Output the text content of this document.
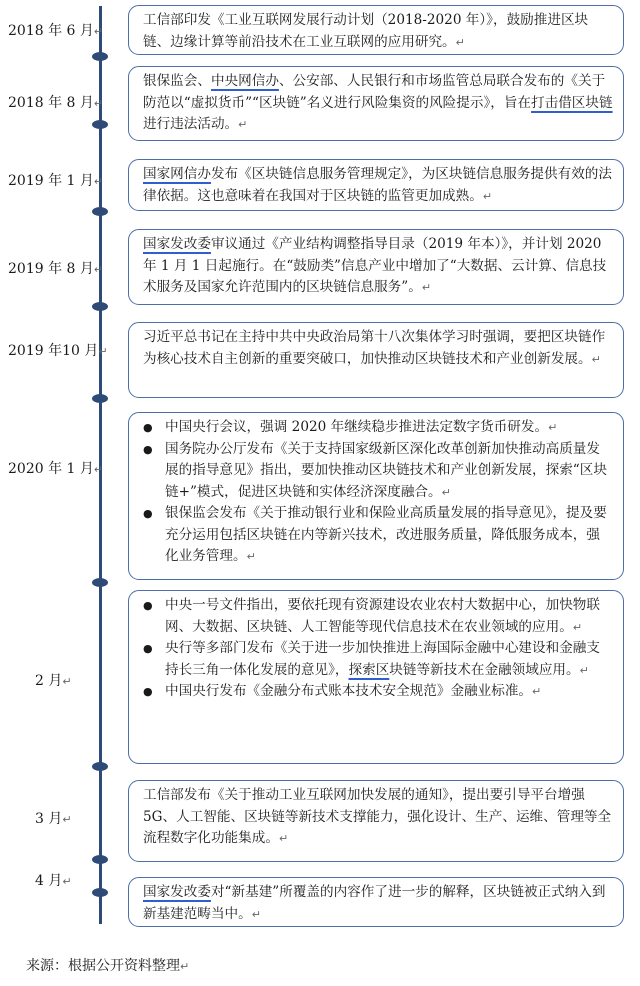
2018 年 6 月↵

工信部印发《工业互联网发展行动计划（2018-2020 年）》，鼓励推进区块链、边缘计算等前沿技术在工业互联网的应用研究。↵

2018 年 8 月↵

银保监会、中央网信办、公安部、人民银行和市场监管总局联合发布的《关于防范以“虚拟货币”“区块链”名义进行风险集资的风险提示》，旨在打击借区块链进行违法活动。↵

2019 年 1 月↵	国家网信办发布《区块链信息服务管理规定》，为区块链信息服务提供有效的法律依据。这也意味着在我国对于区块链的监管更加成熟。↵

2019 年 8 月↵

国家发改委审议通过《产业结构调整指导目录（2019 年本）》，并计划 2020 年 1 月 1 日起施行。在“鼓励类”信息产业中增加了“大数据、云计算、信息技术服务及国家允许范围内的区块链信息服务”。↵

2019 年10 月↵

习近平总书记在主持中共中央政治局第十八次集体学习时强调，要把区块链作为核心技术自主创新的重要突破口，加快推动区块链技术和产业创新发展。↵

2020 年 1 月↵

● 中国央行会议，强调 2020 年继续稳步推进法定数字货币研发。↵

● 国务院办公厅发布《关于支持国家级新区深化改革创新加快推动高质量发展的指导意见》指出，要加快推动区块链技术和产业创新发展，探索“区块链+”模式，促进区块链和实体经济深度融合。↵

● 银保监会发布《关于推动银行业和保险业高质量发展的指导意见》，提及要充分运用包括区块链在内等新兴技术，改进服务质量，降低服务成本，强化业务管理。↵

2 月↵

● 中央一号文件指出，要依托现有资源建设农业农村大数据中心，加快物联网、大数据、区块链、人工智能等现代信息技术在农业领域的应用。↵

● 央行等多部门发布《关于进一步加快推进上海国际金融中心建设和金融支持长三角一体化发展的意见》，探索区块链等新技术在金融领域应用。↵

● 中国央行发布《金融分布式账本技术安全规范》金融业标准。↵

3 月↵

工信部发布《关于推动工业互联网加快发展的通知》，提出要引导平台增强 5G、人工智能、区块链等新技术支撑能力，强化设计、生产、运维、管理等全流程数字化功能集成。↵

4 月↵

国家发改委对“新基建”所覆盖的内容作了进一步的解释，区块链被正式纳入到新基建范畴当中。↵

来源：根据公开资料整理↵
